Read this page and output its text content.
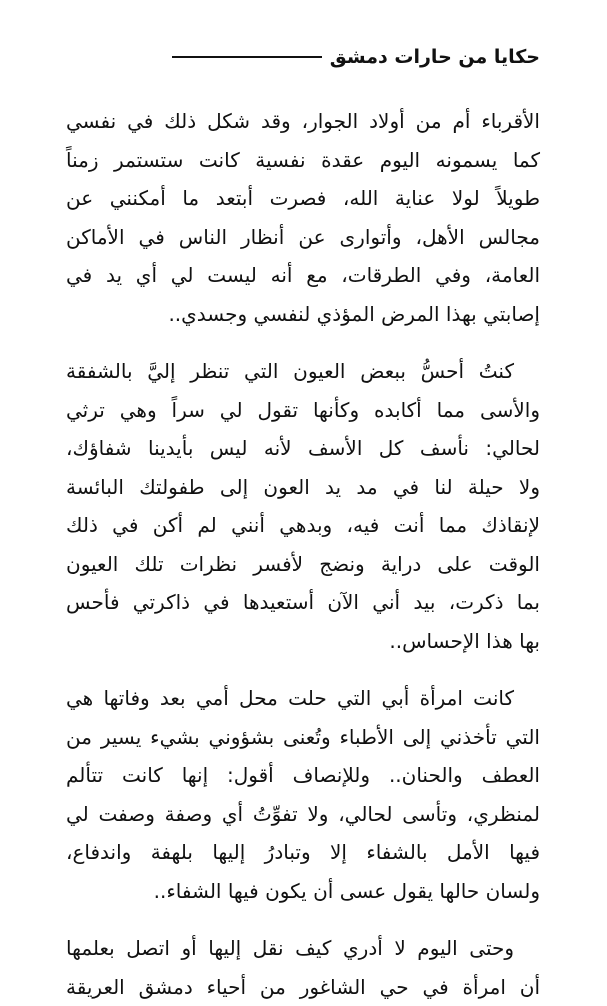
حكايا من حارات دمشق

الأقرباء أم من أولاد الجوار، وقد شكل ذلك في نفسي
كما يسمونه اليوم عقدة نفسية كانت ستستمر زمناً
طويلاً لولا عناية الله، فصرت أبتعد ما أمكنني عن
مجالس الأهل، وأتوارى عن أنظار الناس في الأماكن
العامة، وفي الطرقات، مع أنه ليست لي أي يد في
إصابتي بهذا المرض المؤذي لنفسي وجسدي..

كنتُ أحسُّ ببعض العيون التي تنظر إليَّ بالشفقة
والأسى مما أكابده وكأنها تقول لي سراً وهي ترثي
لحالي: نأسف كل الأسف لأنه ليس بأيدينا شفاؤك،
ولا حيلة لنا في مد يد العون إلى طفولتك البائسة
لإنقاذك مما أنت فيه، وبدهي أنني لم أكن في ذلك
الوقت على دراية ونضج لأفسر نظرات تلك العيون
بما ذكرت، بيد أني الآن أستعيدها في ذاكرتي فأحس
بها هذا الإحساس..

كانت امرأة أبي التي حلت محل أمي بعد وفاتها هي
التي تأخذني إلى الأطباء وتُعنى بشؤوني بشيء يسير من
العطف والحنان.. وللإنصاف أقول: إنها كانت تتألم
لمنظري، وتأسى لحالي، ولا تفوِّتُ أي وصفة وصفت لي
فيها الأمل بالشفاء إلا وتبادرُ إليها بلهفة واندفاع،
ولسان حالها يقول عسى أن يكون فيها الشفاء..

وحتى اليوم لا أدري كيف نقل إليها أو اتصل بعلمها
أن امرأة في حي الشاغور من أحياء دمشق العريقة
